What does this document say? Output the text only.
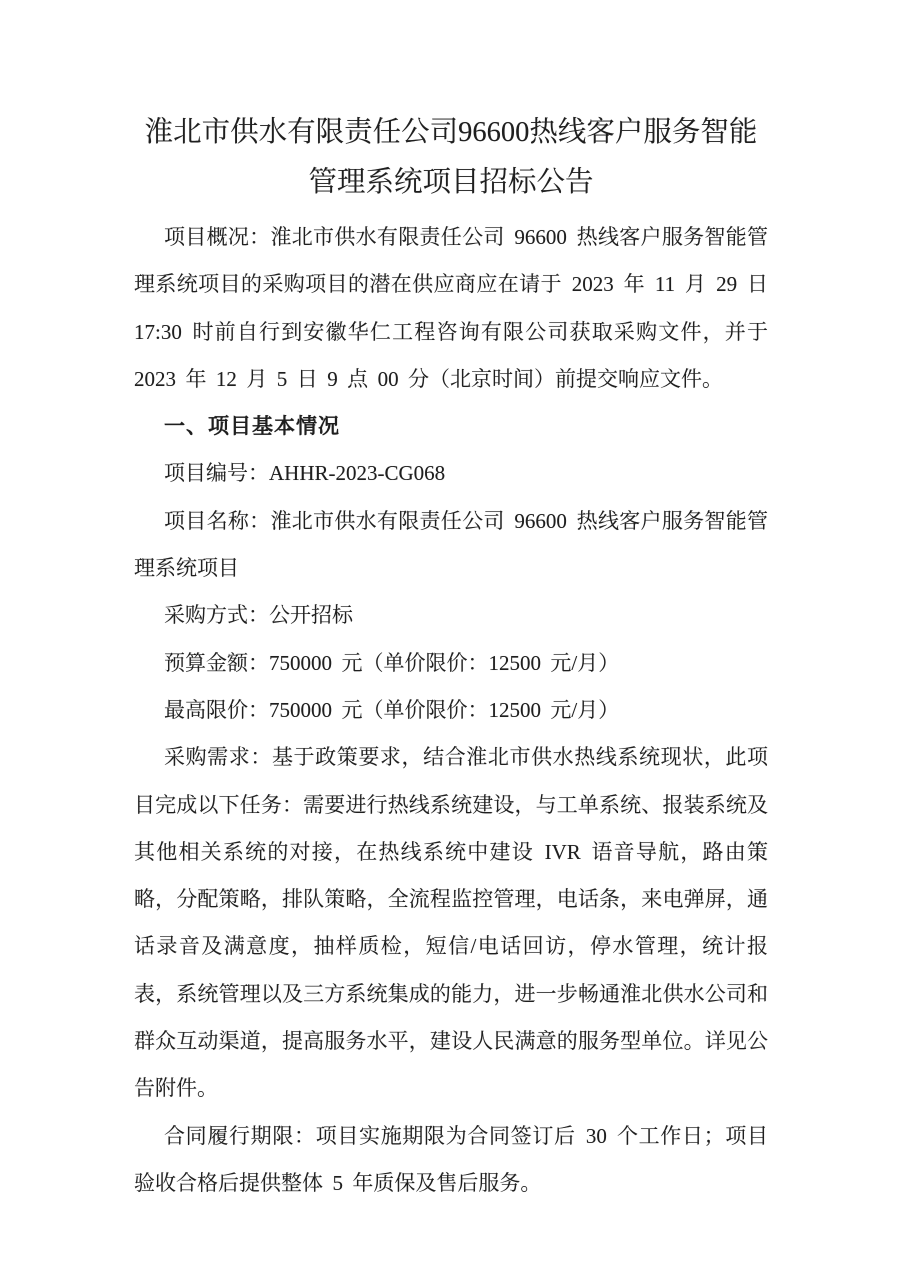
淮北市供水有限责任公司96600热线客户服务智能管理系统项目招标公告

项目概况：淮北市供水有限责任公司 96600 热线客户服务智能管理系统项目的采购项目的潜在供应商应在请于 2023 年 11 月 29 日 17:30 时前自行到安徽华仁工程咨询有限公司获取采购文件，并于 2023 年 12 月 5 日 9 点 00 分（北京时间）前提交响应文件。

一、项目基本情况

项目编号：AHHR-2023-CG068

项目名称：淮北市供水有限责任公司 96600 热线客户服务智能管理系统项目

采购方式：公开招标

预算金额：750000 元（单价限价：12500 元/月）

最高限价：750000 元（单价限价：12500 元/月）

采购需求：基于政策要求，结合淮北市供水热线系统现状，此项目完成以下任务：需要进行热线系统建设，与工单系统、报装系统及其他相关系统的对接，在热线系统中建设 IVR 语音导航，路由策略，分配策略，排队策略，全流程监控管理，电话条，来电弹屏，通话录音及满意度，抽样质检，短信/电话回访，停水管理，统计报表，系统管理以及三方系统集成的能力，进一步畅通淮北供水公司和群众互动渠道，提高服务水平，建设人民满意的服务型单位。详见公告附件。

合同履行期限：项目实施期限为合同签订后 30 个工作日；项目验收合格后提供整体 5 年质保及售后服务。
